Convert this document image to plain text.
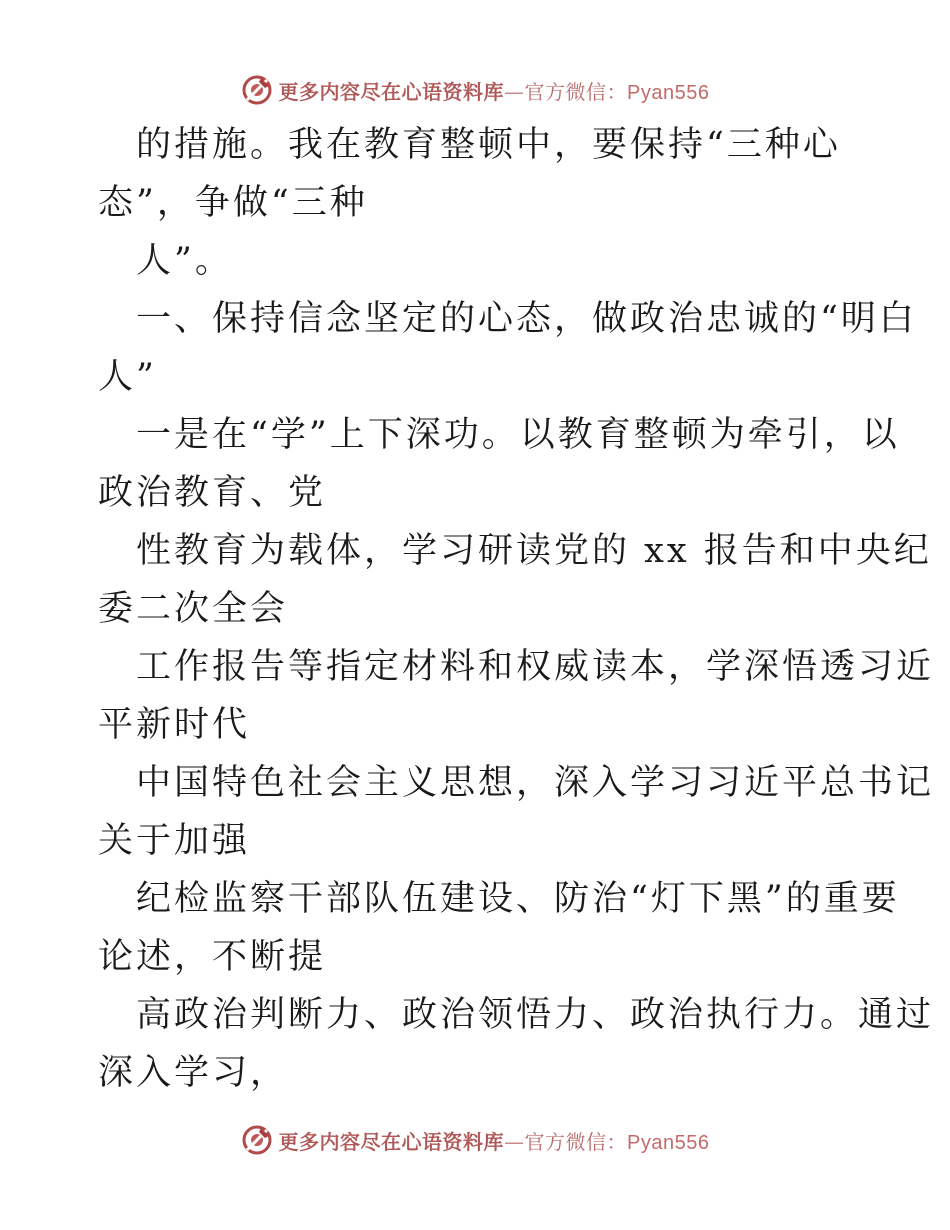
更多内容尽在心语资料库—官方微信：Pyan556
的措施。我在教育整顿中，要保持“三种心
态”，争做“三种
人”。
一、保持信念坚定的心态，做政治忠诚的“明白
人”
一是在“学”上下深功。以教育整顿为牵引，以
政治教育、党
性教育为载体，学习研读党的 xx 报告和中央纪
委二次全会
工作报告等指定材料和权威读本，学深悟透习近
平新时代
中国特色社会主义思想，深入学习习近平总书记
关于加强
纪检监察干部队伍建设、防治“灯下黑”的重要
论述，不断提
高政治判断力、政治领悟力、政治执行力。通过
深入学习，
更多内容尽在心语资料库—官方微信：Pyan556
